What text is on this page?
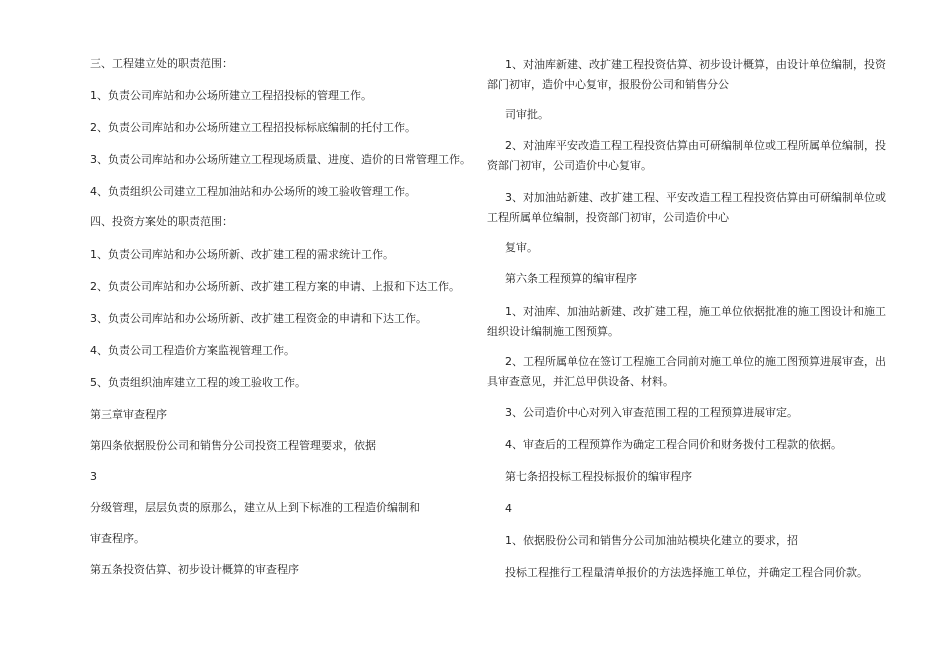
三、工程建立处的职责范围：
1、负责公司库站和办公场所建立工程招投标的管理工作。
2、负责公司库站和办公场所建立工程招投标标底编制的托付工作。
3、负责公司库站和办公场所建立工程现场质量、进度、造价的日常管理工作。
4、负责组织公司建立工程加油站和办公场所的竣工验收管理工作。
四、投资方案处的职责范围：
1、负责公司库站和办公场所新、改扩建工程的需求统计工作。
2、负责公司库站和办公场所新、改扩建工程方案的申请、上报和下达工作。
3、负责公司库站和办公场所新、改扩建工程资金的申请和下达工作。
4、负责公司工程造价方案监视管理工作。
5、负责组织油库建立工程的竣工验收工作。
第三章审查程序
第四条依据股份公司和销售分公司投资工程管理要求，依据
3
分级管理，层层负责的原那么，建立从上到下标准的工程造价编制和
审查程序。
第五条投资估算、初步设计概算的审查程序
1、对油库新建、改扩建工程投资估算、初步设计概算，由设计单位编制，投资
部门初审，造价中心复审，报股份公司和销售分公
司审批。
2、对油库平安改造工程工程投资估算由可研编制单位或工程所属单位编制，投
资部门初审，公司造价中心复审。
3、对加油站新建、改扩建工程、平安改造工程工程投资估算由可研编制单位或
工程所属单位编制，投资部门初审，公司造价中心
复审。
第六条工程预算的编审程序
1、对油库、加油站新建、改扩建工程，施工单位依据批准的施工图设计和施工
组织设计编制施工图预算。
2、工程所属单位在签订工程施工合同前对施工单位的施工图预算进展审查，出
具审查意见，并汇总甲供设备、材料。
3、公司造价中心对列入审查范围工程的工程预算进展审定。
4、审查后的工程预算作为确定工程合同价和财务拨付工程款的依据。
第七条招投标工程投标报价的编审程序
4
1、依据股份公司和销售分公司加油站模块化建立的要求，招
投标工程推行工程量清单报价的方法选择施工单位，并确定工程合同价款。
